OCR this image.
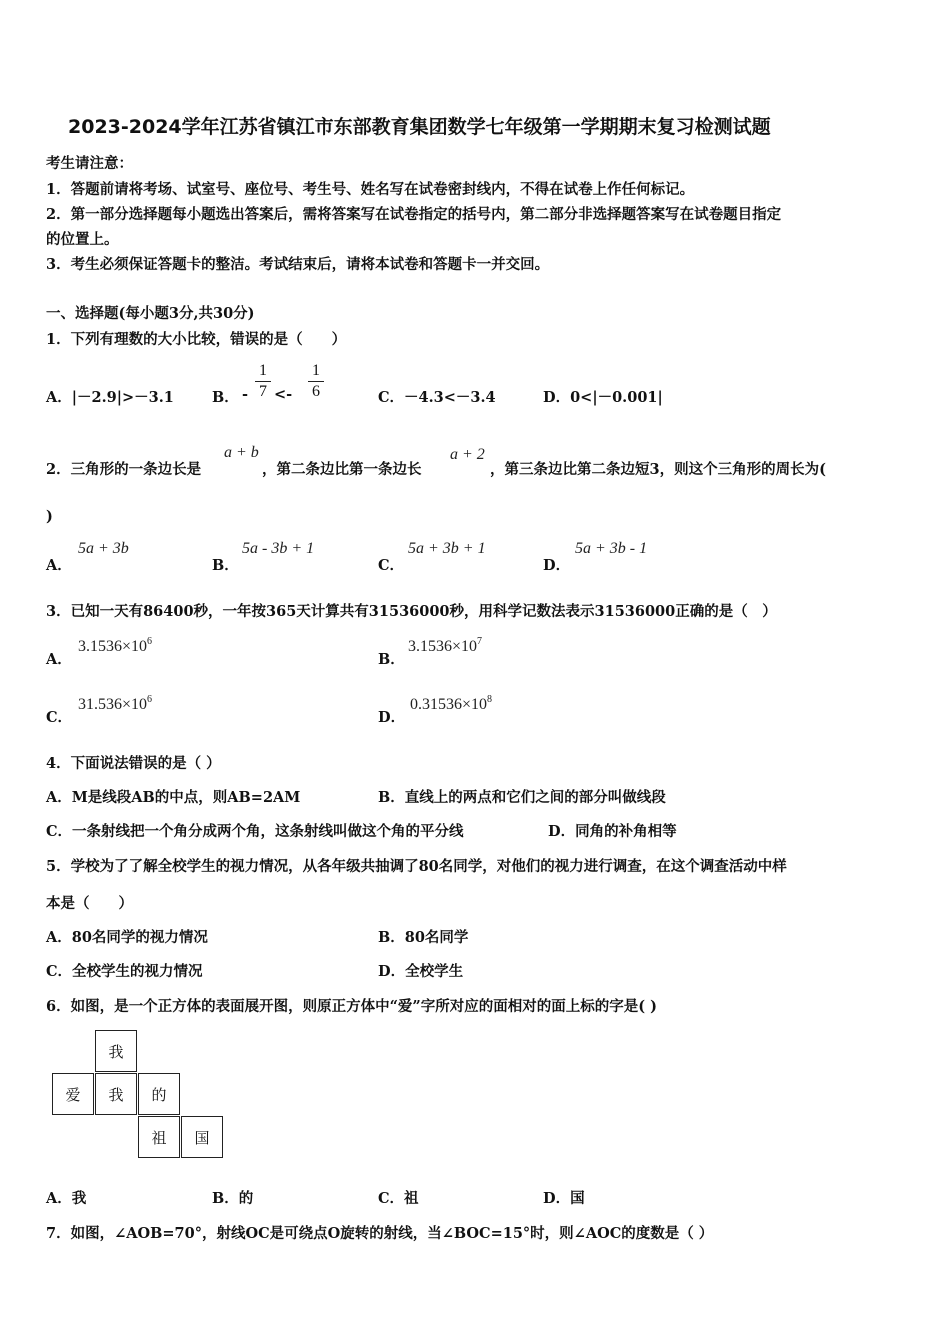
2023-2024学年江苏省镇江市东部教育集团数学七年级第一学期期末复习检测试题
考生请注意：
1．答题前请将考场、试室号、座位号、考生号、姓名写在试卷密封线内，不得在试卷上作任何标记。
2．第一部分选择题每小题选出答案后，需将答案写在试卷指定的括号内，第二部分非选择题答案写在试卷题目指定
的位置上。
3．考生必须保证答题卡的整洁。考试结束后，请将本试卷和答题卡一并交回。
一、选择题(每小题3分,共30分)
1．下列有理数的大小比较，错误的是（　　）
A．|－2.9|>－3.1	B． -
1
7 <-
1
6	C．－4.3<－3.4	D．0<|－0.001|
2．三角形的一条边长是
a + b
，第二条边比第一条边长
a + 2
，第三条边比第二条边短3，则这个三角形的周长为(
)
A．
5a + 3b
B．
5a - 3b + 1
C．
5a + 3b + 1
D．
5a + 3b - 1
3．已知一天有86400秒，一年按365天计算共有31536000秒，用科学记数法表示31536000正确的是（　）
A．
$3.1536\times 10^6$
B．
$3.1536\times 10^7$
C．
$31.536\times 10^6$
D．
$0.31536\times 10^8$
4．下面说法错误的是（ ）
A．M是线段AB的中点，则AB=2AM	B．直线上的两点和它们之间的部分叫做线段
C．一条射线把一个角分成两个角，这条射线叫做这个角的平分线	D．同角的补角相等
5．学校为了了解全校学生的视力情况，从各年级共抽调了80名同学，对他们的视力进行调查，在这个调查活动中样
本是（　　）
A．80名同学的视力情况	B．80名同学
C．全校学生的视力情况	D．全校学生
6．如图，是一个正方体的表面展开图，则原正方体中“爱”字所对应的面相对的面上标的字是( )
我
爱	我	的
祖	国
A．我	B．的	C．祖	D．国
7．如图，∠AOB=70°，射线OC是可绕点O旋转的射线，当∠BOC=15°时，则∠AOC的度数是（ ）
